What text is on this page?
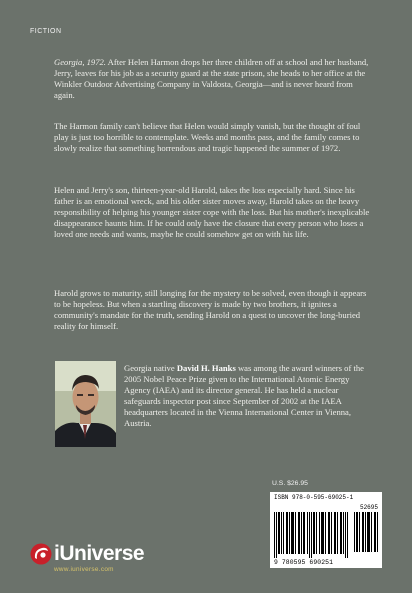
FICTION

Georgia, 1972. After Helen Harmon drops her three children off at school and her husband, Jerry, leaves for his job as a security guard at the state prison, she heads to her office at the Winkler Outdoor Advertising Company in Valdosta, Georgia—and is never heard from again.

The Harmon family can't believe that Helen would simply vanish, but the thought of foul play is just too horrible to contemplate. Weeks and months pass, and the family comes to slowly realize that something horrendous and tragic happened the summer of 1972.

Helen and Jerry's son, thirteen-year-old Harold, takes the loss especially hard. Since his father is an emotional wreck, and his older sister moves away, Harold takes on the heavy responsibility of helping his younger sister cope with the loss. But his mother's inexplicable disappearance haunts him. If he could only have the closure that every person who loses a loved one needs and wants, maybe he could somehow get on with his life.

Harold grows to maturity, still longing for the mystery to be solved, even though it appears to be hopeless. But when a startling discovery is made by two brothers, it ignites a community's mandate for the truth, sending Harold on a quest to uncover the long-buried reality for himself.

Georgia native David H. Hanks was among the award winners of the 2005 Nobel Peace Prize given to the International Atomic Energy Agency (IAEA) and its director general. He has held a nuclear safeguards inspector post since September of 2002 at the IAEA headquarters located in the Vienna International Center in Vienna, Austria.

U.S. $26.95
ISBN 978-0-595-69025-1
52695
9 780595 690251
iUniverse
www.iuniverse.com
